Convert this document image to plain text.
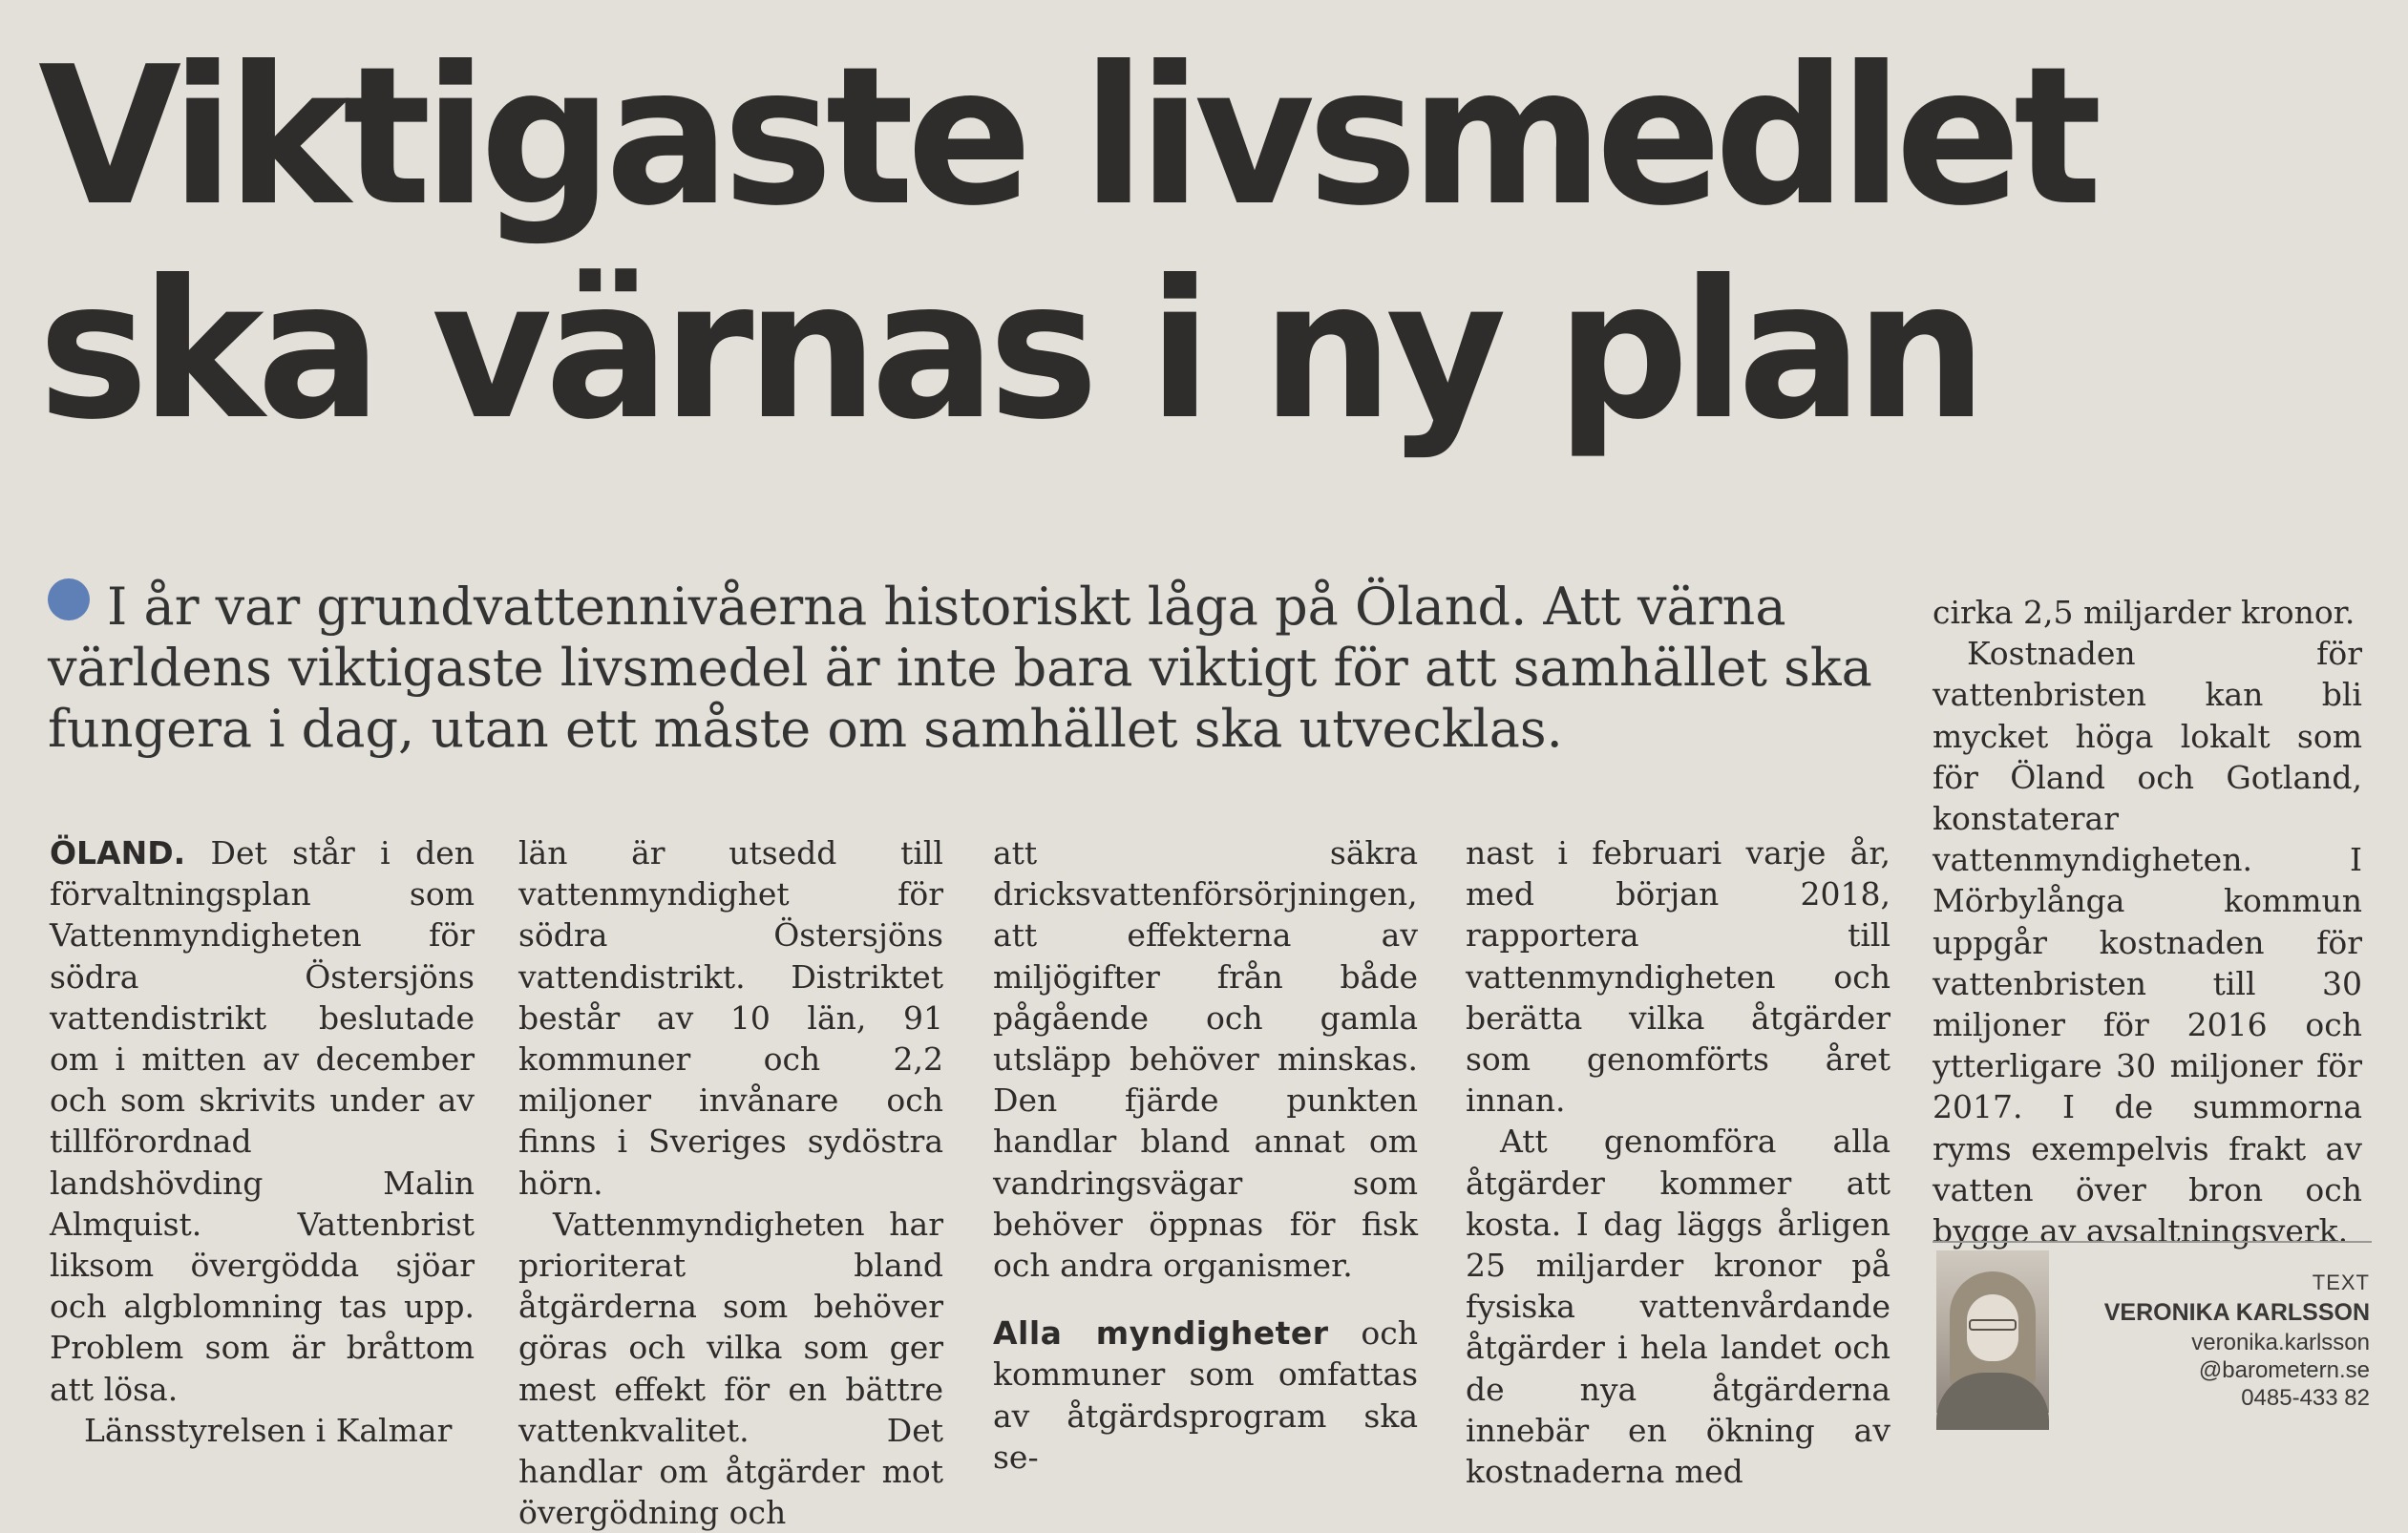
Viktigaste livsmedlet
ska värnas i ny plan

I år var grundvattennivåerna historiskt låga på Öland. Att värna världens viktigaste livsmedel är inte bara viktigt för att samhället ska fungera i dag, utan ett måste om samhället ska utvecklas.

ÖLAND. Det står i den förvaltningsplan som Vattenmyndigheten för södra Östersjöns vattendistrikt beslutade om i mitten av december och som skrivits under av tillförordnad landshövding Malin Almquist. Vattenbrist liksom övergödda sjöar och algblomning tas upp. Problem som är bråttom att lösa.

Länsstyrelsen i Kalmar

län är utsedd till vattenmyndighet för södra Östersjöns vattendistrikt. Distriktet består av 10 län, 91 kommuner och 2,2 miljoner invånare och finns i Sveriges sydöstra hörn.

Vattenmyndigheten har prioriterat bland åtgärderna som behöver göras och vilka som ger mest effekt för en bättre vattenkvalitet. Det handlar om åtgärder mot övergödning och

att säkra dricksvattenförsörjningen, att effekterna av miljögifter från både pågående och gamla utsläpp behöver minskas. Den fjärde punkten handlar bland annat om vandringsvägar som behöver öppnas för fisk och andra organismer.

Alla myndigheter och kommuner som omfattas av åtgärdsprogram ska se-

nast i februari varje år, med början 2018, rapportera till vattenmyndigheten och berätta vilka åtgärder som genomförts året innan.

Att genomföra alla åtgärder kommer att kosta. I dag läggs årligen 25 miljarder kronor på fysiska vattenvårdande åtgärder i hela landet och de nya åtgärderna innebär en ökning av kostnaderna med

cirka 2,5 miljarder kronor.

Kostnaden för vattenbristen kan bli mycket höga lokalt som för Öland och Gotland, konstaterar vattenmyndigheten. I Mörbylånga kommun uppgår kostnaden för vattenbristen till 30 miljoner för 2016 och ytterligare 30 miljoner för 2017. I de summorna ryms exempelvis frakt av vatten över bron och bygge av avsaltningsverk.

TEXT
VERONIKA KARLSSON
veronika.karlsson
@barometern.se
0485-433 82
